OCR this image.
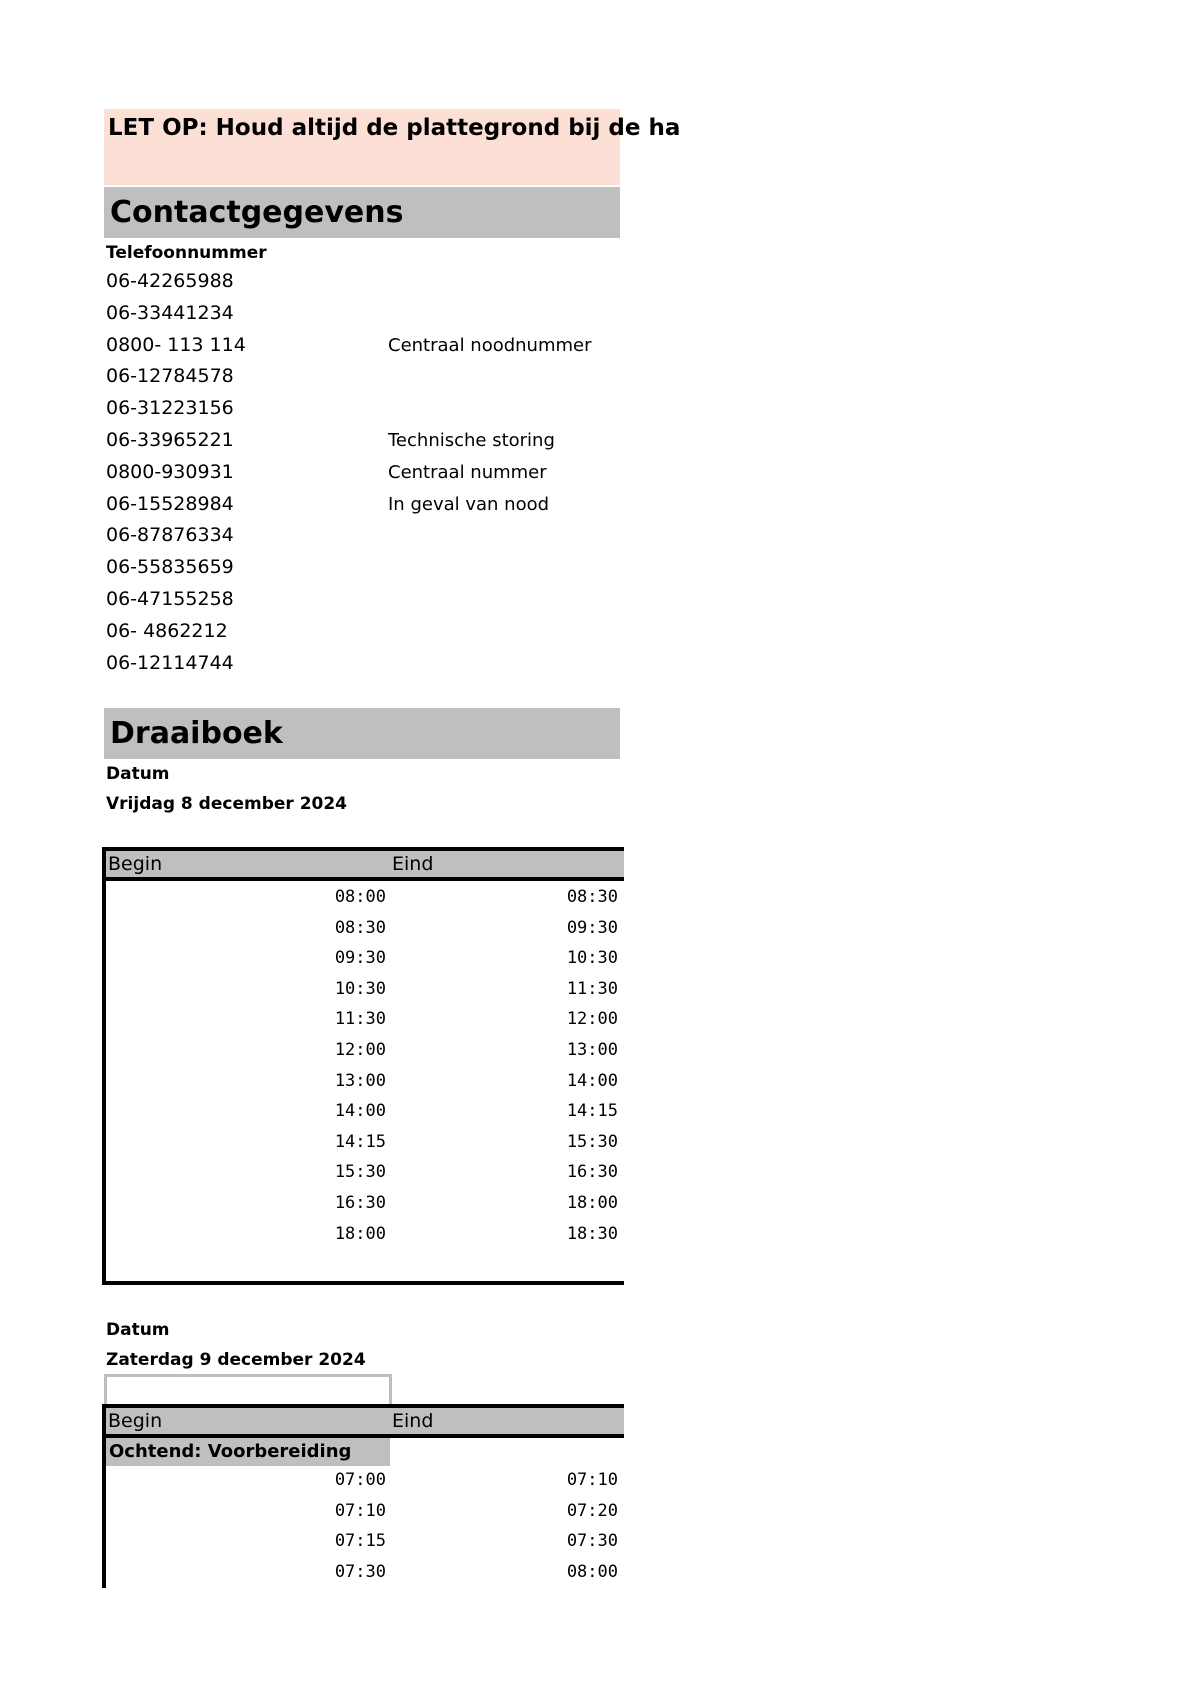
LET OP: Houd altijd de plattegrond bij de ha
Contactgegevens
Telefoonnummer
06-42265988
06-33441234
0800- 113 114	Centraal noodnummer
06-12784578
06-31223156
06-33965221	Technische storing
0800-930931	Centraal nummer
06-15528984	In geval van nood
06-87876334
06-55835659
06-47155258
06- 4862212
06-12114744
Draaiboek
Datum
Vrijdag 8 december 2024
Begin	Eind
08:00	08:30
08:30	09:30
09:30	10:30
10:30	11:30
11:30	12:00
12:00	13:00
13:00	14:00
14:00	14:15
14:15	15:30
15:30	16:30
16:30	18:00
18:00	18:30
Datum
Zaterdag 9 december 2024
Begin	Eind
Ochtend: Voorbereiding
07:00	07:10
07:10	07:20
07:15	07:30
07:30	08:00
